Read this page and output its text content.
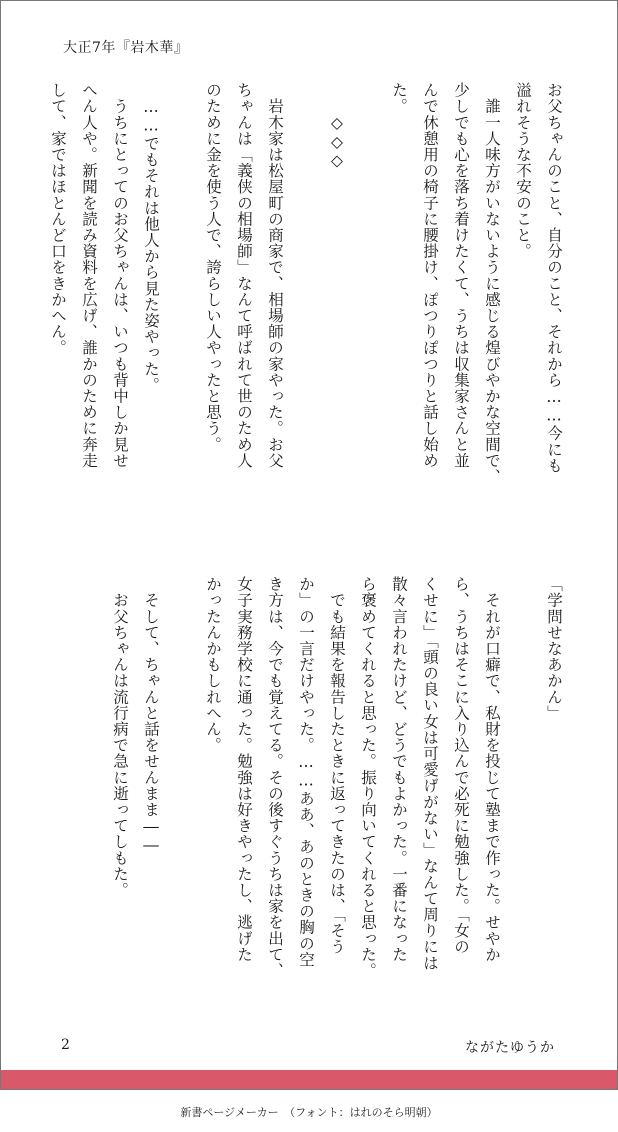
大正7年『岩木華』
お父ちゃんのこと、自分のこと、それから……今にも
溢れそうな不安のこと。
　誰一人味方がいないように感じる煌びやかな空間で、
少しでも心を落ち着けたくて、うちは収集家さんと並
んで休憩用の椅子に腰掛け、ぽつりぽつりと話し始め
た。

　　◇◇◇

　岩木家は松屋町の商家で、相場師の家やった。お父
ちゃんは「義侠の相場師」なんて呼ばれて世のため人
のために金を使う人で、誇らしい人やったと思う。

　……でもそれは他人から見た姿やった。
　うちにとってのお父ちゃんは、いつも背中しか見せ
へん人や。新聞を読み資料を広げ、誰かのために奔走
して、家ではほとんど口をきかへん。
「学問せなあかん」

　それが口癖で、私財を投じて塾まで作った。せやか
ら、うちはそこに入り込んで必死に勉強した。「女の
くせに」「頭の良い女は可愛げがない」なんて周りには
散々言われたけど、どうでもよかった。一番になった
ら褒めてくれると思った。振り向いてくれると思った。
　でも結果を報告したときに返ってきたのは、「そう
か」の一言だけやった。……ああ、あのときの胸の空
き方は、今でも覚えてる。その後すぐうちは家を出て、
女子実務学校に通った。勉強は好きやったし、逃げた
かったんかもしれへん。

　そして、ちゃんと話をせんまま――
　お父ちゃんは流行病で急に逝ってしもた。
2	ながたゆうか
新書ページメーカー　（フォント：はれのそら明朝）
